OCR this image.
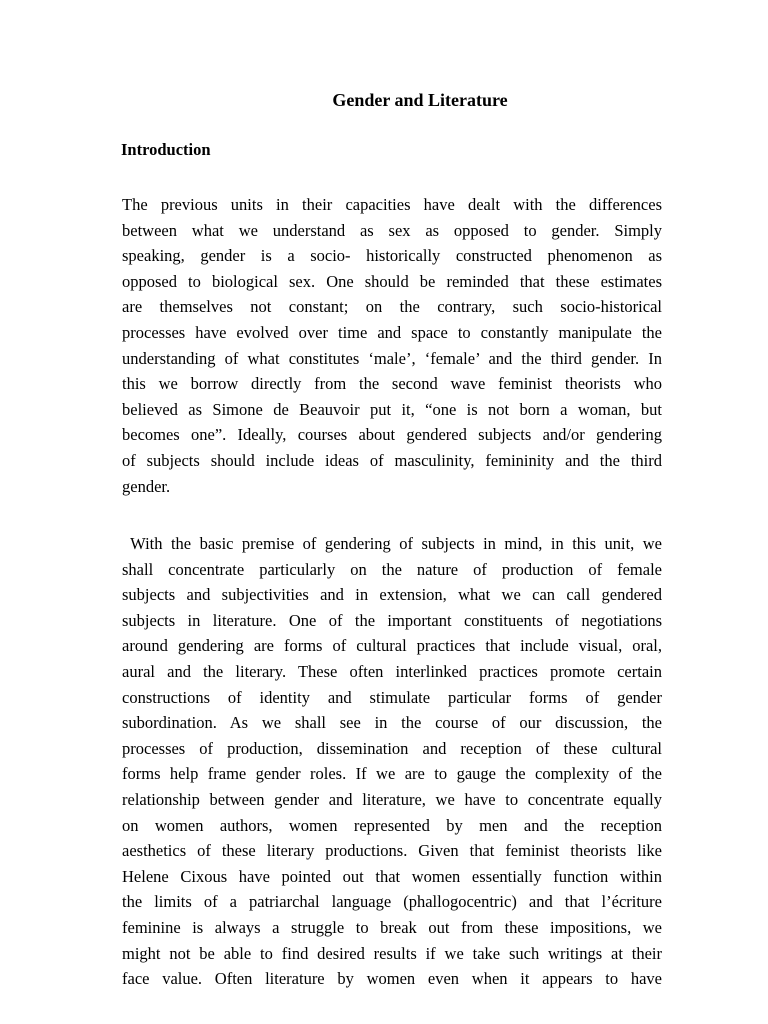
Gender and Literature
Introduction
The previous units in their capacities have dealt with the differences
between what we understand as sex as opposed to gender. Simply
speaking, gender is a socio- historically constructed phenomenon as
opposed to biological sex. One should be reminded that these estimates
are themselves not constant; on the contrary, such socio-historical
processes have evolved over time and space to constantly manipulate the
understanding of what constitutes ‘male’, ‘female’ and the third gender. In
this we borrow directly from the second wave feminist theorists who
believed as Simone de Beauvoir put it, “one is not born a woman, but
becomes one”. Ideally, courses about gendered subjects and/or gendering
of subjects should include ideas of masculinity, femininity and the third
gender.
With the basic premise of gendering of subjects in mind, in this unit, we
shall concentrate particularly on the nature of production of female
subjects and subjectivities and in extension, what we can call gendered
subjects in literature. One of the important constituents of negotiations
around gendering are forms of cultural practices that include visual, oral,
aural and the literary. These often interlinked practices promote certain
constructions of identity and stimulate particular forms of gender
subordination. As we shall see in the course of our discussion, the
processes of production, dissemination and reception of these cultural
forms help frame gender roles. If we are to gauge the complexity of the
relationship between gender and literature, we have to concentrate equally
on women authors, women represented by men and the reception
aesthetics of these literary productions. Given that feminist theorists like
Helene Cixous have pointed out that women essentially function within
the limits of a patriarchal language (phallogocentric) and that l’écriture
feminine is always a struggle to break out from these impositions, we
might not be able to find desired results if we take such writings at their
face value. Often literature by women even when it appears to have
